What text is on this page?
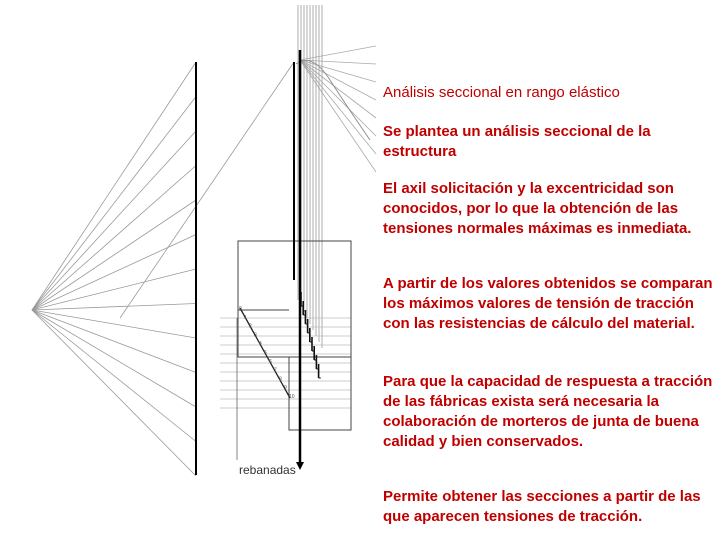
0
1
2
3
4
5
6
7
8
9
10
rebanadas

Análisis seccional en rango elástico

Se plantea un análisis seccional de la estructura

El axil solicitación y la excentricidad son conocidos, por lo que la obtención de las tensiones normales máximas es inmediata.

A partir de los valores obtenidos se comparan los máximos valores de tensión de tracción con las resistencias de cálculo del material.

Para que la capacidad de respuesta a tracción de las fábricas exista será necesaria la colaboración de morteros de junta de buena calidad y bien conservados.

Permite obtener las secciones a partir de las que aparecen tensiones de tracción.
